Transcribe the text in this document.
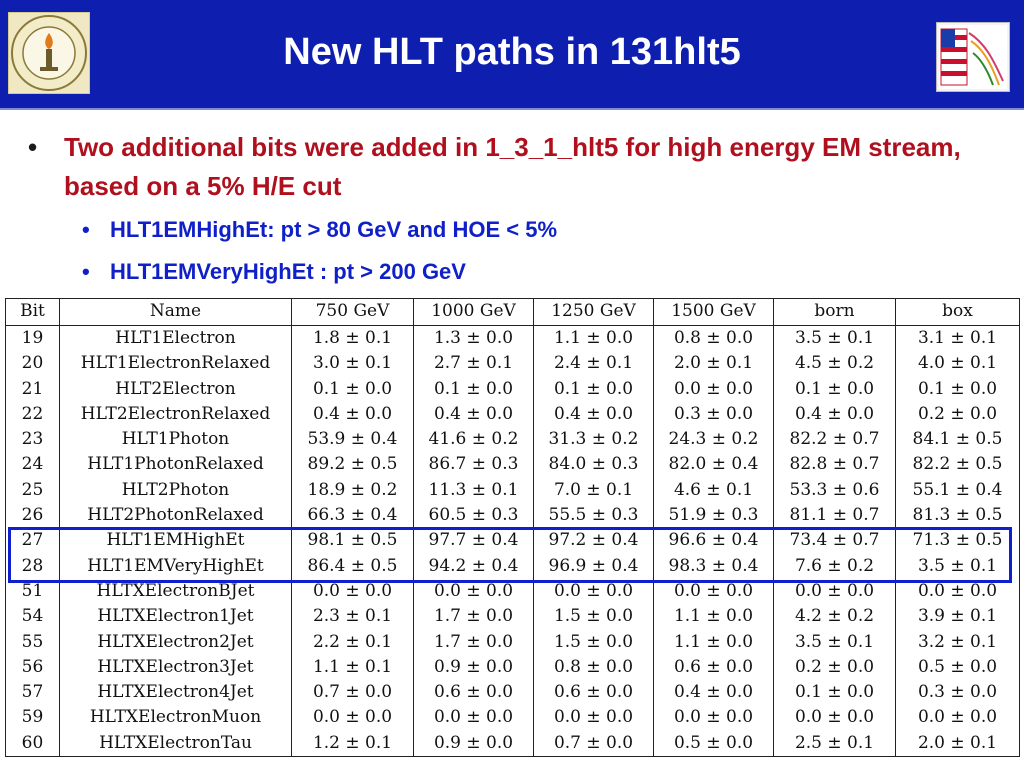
New HLT paths in 131hlt5
• Two additional bits were added in 1_3_1_hlt5 for high energy EM stream, based on a 5% H/E cut
• HLT1EMHighEt: pt > 80 GeV and HOE < 5%
• HLT1EMVeryHighEt : pt > 200 GeV
Bit	Name	750 GeV	1000 GeV	1250 GeV	1500 GeV	born	box
19	HLT1Electron	1.8 ± 0.1	1.3 ± 0.0	1.1 ± 0.0	0.8 ± 0.0	3.5 ± 0.1	3.1 ± 0.1
20	HLT1ElectronRelaxed	3.0 ± 0.1	2.7 ± 0.1	2.4 ± 0.1	2.0 ± 0.1	4.5 ± 0.2	4.0 ± 0.1
21	HLT2Electron	0.1 ± 0.0	0.1 ± 0.0	0.1 ± 0.0	0.0 ± 0.0	0.1 ± 0.0	0.1 ± 0.0
22	HLT2ElectronRelaxed	0.4 ± 0.0	0.4 ± 0.0	0.4 ± 0.0	0.3 ± 0.0	0.4 ± 0.0	0.2 ± 0.0
23	HLT1Photon	53.9 ± 0.4	41.6 ± 0.2	31.3 ± 0.2	24.3 ± 0.2	82.2 ± 0.7	84.1 ± 0.5
24	HLT1PhotonRelaxed	89.2 ± 0.5	86.7 ± 0.3	84.0 ± 0.3	82.0 ± 0.4	82.8 ± 0.7	82.2 ± 0.5
25	HLT2Photon	18.9 ± 0.2	11.3 ± 0.1	7.0 ± 0.1	4.6 ± 0.1	53.3 ± 0.6	55.1 ± 0.4
26	HLT2PhotonRelaxed	66.3 ± 0.4	60.5 ± 0.3	55.5 ± 0.3	51.9 ± 0.3	81.1 ± 0.7	81.3 ± 0.5
27	HLT1EMHighEt	98.1 ± 0.5	97.7 ± 0.4	97.2 ± 0.4	96.6 ± 0.4	73.4 ± 0.7	71.3 ± 0.5
28	HLT1EMVeryHighEt	86.4 ± 0.5	94.2 ± 0.4	96.9 ± 0.4	98.3 ± 0.4	7.6 ± 0.2	3.5 ± 0.1
51	HLTXElectronBJet	0.0 ± 0.0	0.0 ± 0.0	0.0 ± 0.0	0.0 ± 0.0	0.0 ± 0.0	0.0 ± 0.0
54	HLTXElectron1Jet	2.3 ± 0.1	1.7 ± 0.0	1.5 ± 0.0	1.1 ± 0.0	4.2 ± 0.2	3.9 ± 0.1
55	HLTXElectron2Jet	2.2 ± 0.1	1.7 ± 0.0	1.5 ± 0.0	1.1 ± 0.0	3.5 ± 0.1	3.2 ± 0.1
56	HLTXElectron3Jet	1.1 ± 0.1	0.9 ± 0.0	0.8 ± 0.0	0.6 ± 0.0	0.2 ± 0.0	0.5 ± 0.0
57	HLTXElectron4Jet	0.7 ± 0.0	0.6 ± 0.0	0.6 ± 0.0	0.4 ± 0.0	0.1 ± 0.0	0.3 ± 0.0
59	HLTXElectronMuon	0.0 ± 0.0	0.0 ± 0.0	0.0 ± 0.0	0.0 ± 0.0	0.0 ± 0.0	0.0 ± 0.0
60	HLTXElectronTau	1.2 ± 0.1	0.9 ± 0.0	0.7 ± 0.0	0.5 ± 0.0	2.5 ± 0.1	2.0 ± 0.1
